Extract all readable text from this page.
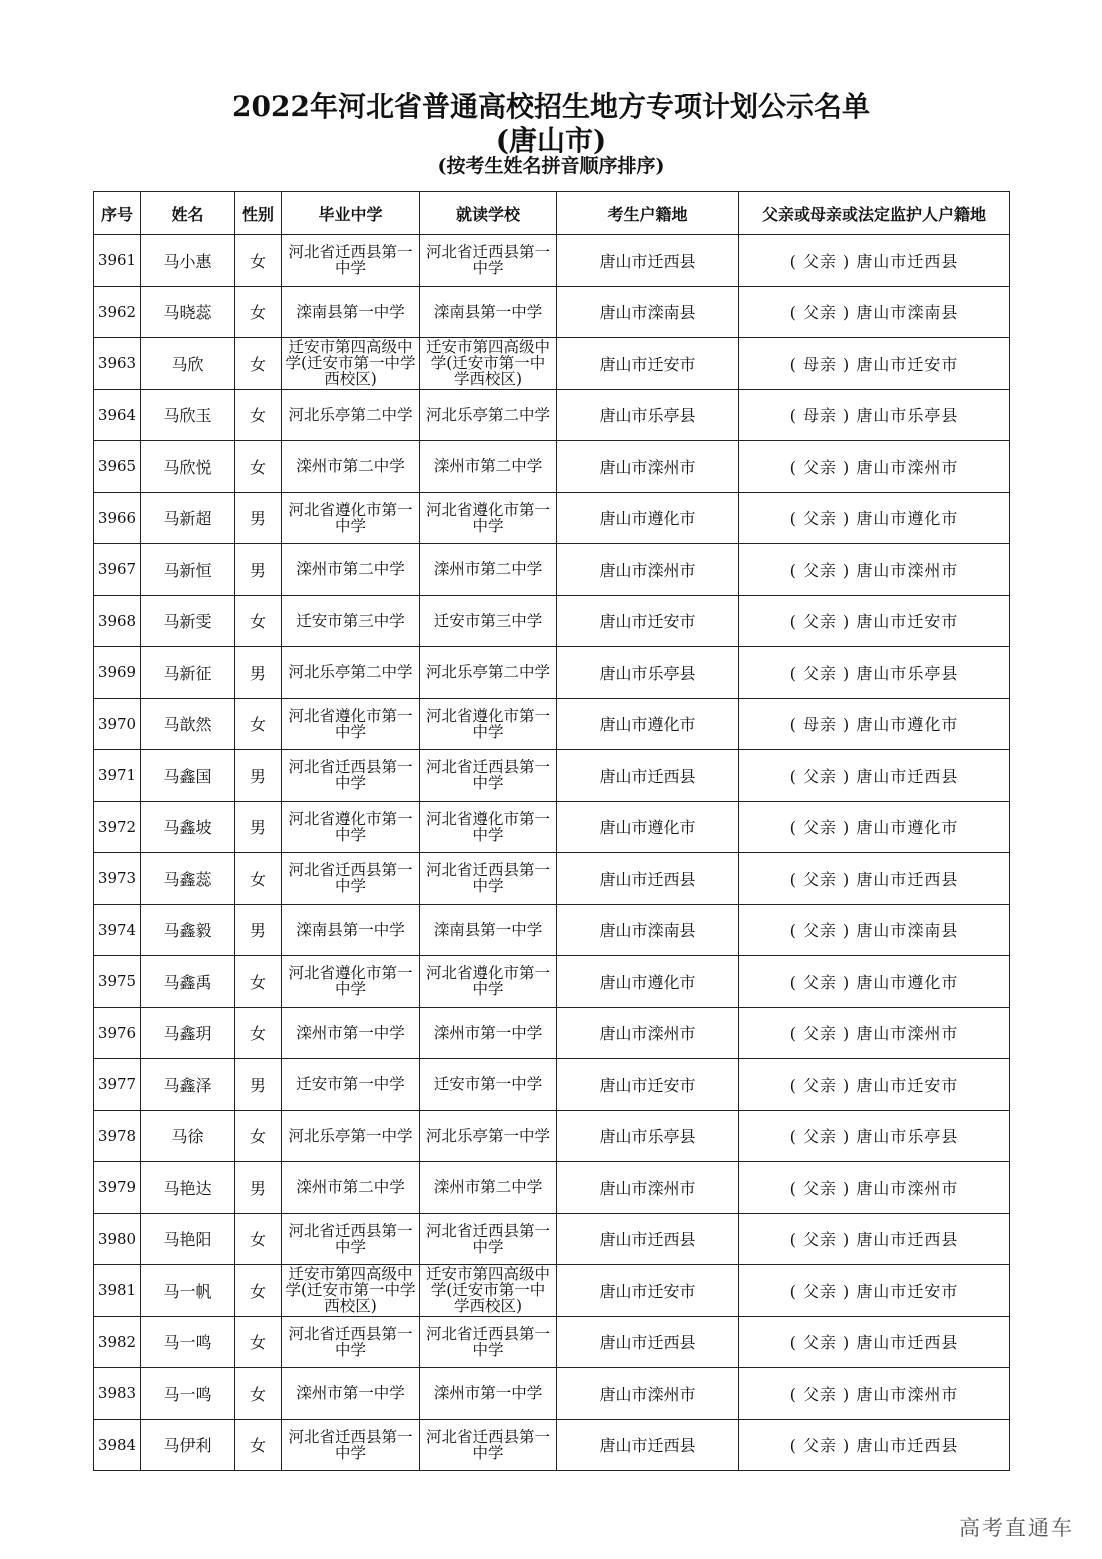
2022年河北省普通高校招生地方专项计划公示名单
(唐山市)
(按考生姓名拼音顺序排序)
序号	姓名	性别	毕业中学	就读学校	考生户籍地	父亲或母亲或法定监护人户籍地
3961	马小惠	女	河北省迁西县第一中学	河北省迁西县第一中学	唐山市迁西县	( 父亲 ) 唐山市迁西县
3962	马晓蕊	女	滦南县第一中学	滦南县第一中学	唐山市滦南县	( 父亲 ) 唐山市滦南县
3963	马欣	女	迁安市第四高级中学(迁安市第一中学西校区)	迁安市第四高级中学(迁安市第一中学西校区)	唐山市迁安市	( 母亲 ) 唐山市迁安市
3964	马欣玉	女	河北乐亭第二中学	河北乐亭第二中学	唐山市乐亭县	( 母亲 ) 唐山市乐亭县
3965	马欣悦	女	滦州市第二中学	滦州市第二中学	唐山市滦州市	( 父亲 ) 唐山市滦州市
3966	马新超	男	河北省遵化市第一中学	河北省遵化市第一中学	唐山市遵化市	( 父亲 ) 唐山市遵化市
3967	马新恒	男	滦州市第二中学	滦州市第二中学	唐山市滦州市	( 父亲 ) 唐山市滦州市
3968	马新雯	女	迁安市第三中学	迁安市第三中学	唐山市迁安市	( 父亲 ) 唐山市迁安市
3969	马新征	男	河北乐亭第二中学	河北乐亭第二中学	唐山市乐亭县	( 父亲 ) 唐山市乐亭县
3970	马歆然	女	河北省遵化市第一中学	河北省遵化市第一中学	唐山市遵化市	( 母亲 ) 唐山市遵化市
3971	马鑫国	男	河北省迁西县第一中学	河北省迁西县第一中学	唐山市迁西县	( 父亲 ) 唐山市迁西县
3972	马鑫坡	男	河北省遵化市第一中学	河北省遵化市第一中学	唐山市遵化市	( 父亲 ) 唐山市遵化市
3973	马鑫蕊	女	河北省迁西县第一中学	河北省迁西县第一中学	唐山市迁西县	( 父亲 ) 唐山市迁西县
3974	马鑫毅	男	滦南县第一中学	滦南县第一中学	唐山市滦南县	( 父亲 ) 唐山市滦南县
3975	马鑫禹	女	河北省遵化市第一中学	河北省遵化市第一中学	唐山市遵化市	( 父亲 ) 唐山市遵化市
3976	马鑫玥	女	滦州市第一中学	滦州市第一中学	唐山市滦州市	( 父亲 ) 唐山市滦州市
3977	马鑫泽	男	迁安市第一中学	迁安市第一中学	唐山市迁安市	( 父亲 ) 唐山市迁安市
3978	马徐	女	河北乐亭第一中学	河北乐亭第一中学	唐山市乐亭县	( 父亲 ) 唐山市乐亭县
3979	马艳达	男	滦州市第二中学	滦州市第二中学	唐山市滦州市	( 父亲 ) 唐山市滦州市
3980	马艳阳	女	河北省迁西县第一中学	河北省迁西县第一中学	唐山市迁西县	( 父亲 ) 唐山市迁西县
3981	马一帆	女	迁安市第四高级中学(迁安市第一中学西校区)	迁安市第四高级中学(迁安市第一中学西校区)	唐山市迁安市	( 父亲 ) 唐山市迁安市
3982	马一鸣	女	河北省迁西县第一中学	河北省迁西县第一中学	唐山市迁西县	( 父亲 ) 唐山市迁西县
3983	马一鸣	女	滦州市第一中学	滦州市第一中学	唐山市滦州市	( 父亲 ) 唐山市滦州市
3984	马伊利	女	河北省迁西县第一中学	河北省迁西县第一中学	唐山市迁西县	( 父亲 ) 唐山市迁西县
高考直通车
